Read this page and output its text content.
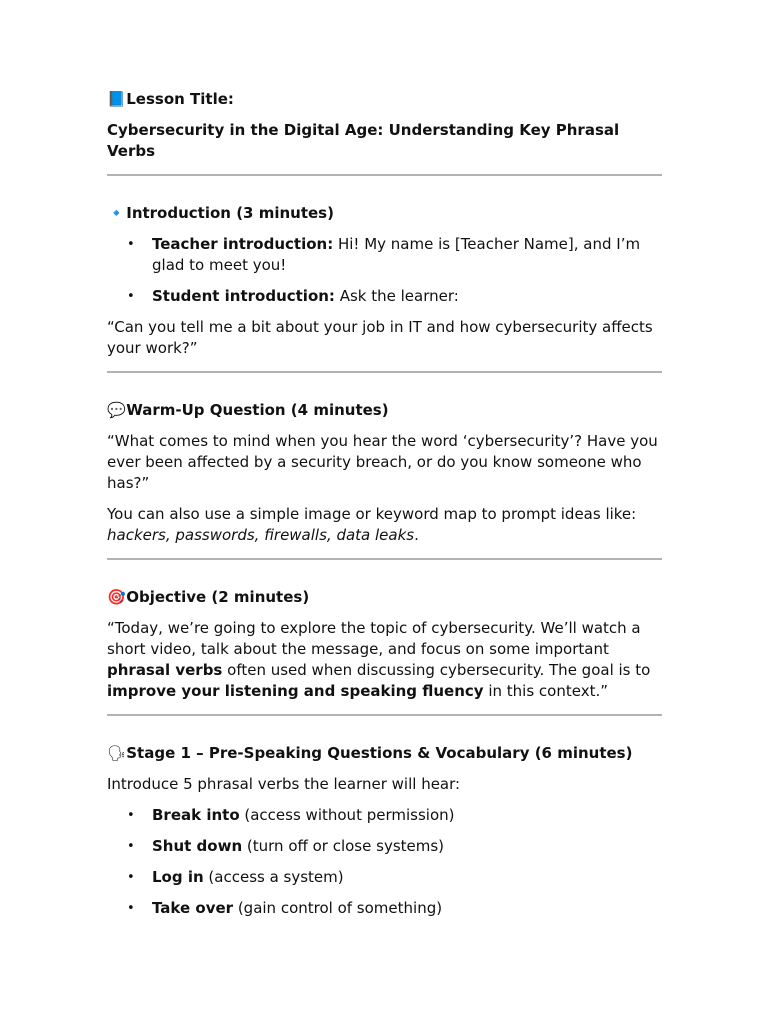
📘 Lesson Title:

Cybersecurity in the Digital Age: Understanding Key Phrasal Verbs

🔹 Introduction (3 minutes)

• Teacher introduction: Hi! My name is [Teacher Name], and I’m glad to meet you!
• Student introduction: Ask the learner:

“Can you tell me a bit about your job in IT and how cybersecurity affects your work?”

💬 Warm-Up Question (4 minutes)

“What comes to mind when you hear the word ‘cybersecurity’? Have you ever been affected by a security breach, or do you know someone who has?”

You can also use a simple image or keyword map to prompt ideas like: hackers, passwords, firewalls, data leaks.

🎯 Objective (2 minutes)

“Today, we’re going to explore the topic of cybersecurity. We’ll watch a short video, talk about the message, and focus on some important phrasal verbs often used when discussing cybersecurity. The goal is to improve your listening and speaking fluency in this context.”

🗣 Stage 1 – Pre-Speaking Questions & Vocabulary (6 minutes)

Introduce 5 phrasal verbs the learner will hear:

• Break into (access without permission)
• Shut down (turn off or close systems)
• Log in (access a system)
• Take over (gain control of something)
